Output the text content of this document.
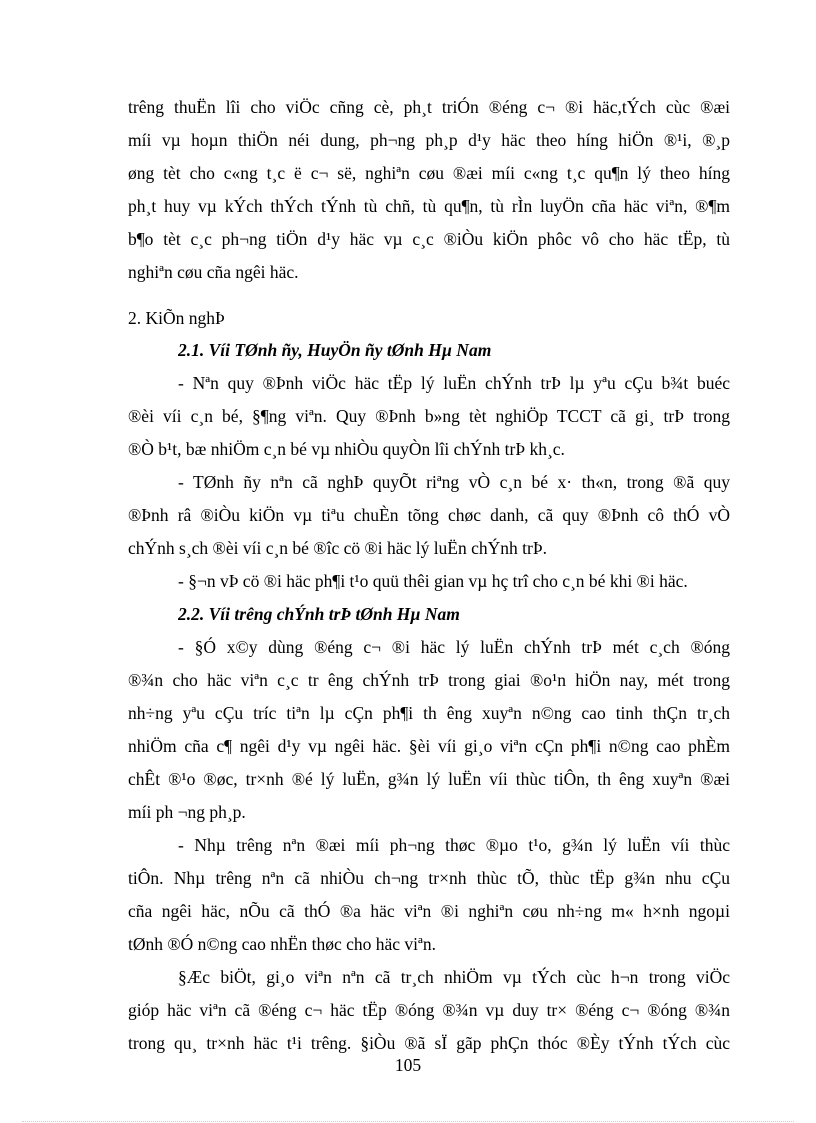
trêng thuËn lîi cho viÖc cñng cè, ph¸t triÓn ®éng c¬ ®i häc,tÝch cùc ®æi
míi vµ hoµn thiÖn néi dung, ph¬ng ph¸p d¹y häc theo híng hiÖn ®¹i, ®¸p
øng tèt cho c«ng t¸c ë c¬ së, nghiªn cøu ®æi míi c«ng t¸c qu¶n lý theo híng
ph¸t huy vµ kÝch thÝch tÝnh tù chñ, tù qu¶n, tù rÌn luyÖn cña häc viªn, ®¶m
b¶o tèt c¸c ph¬ng tiÖn d¹y häc vµ c¸c ®iÒu kiÖn phôc vô cho häc tËp, tù
nghiªn cøu cña ngêi häc.
2. KiÕn nghÞ
2.1. Víi TØnh ñy, HuyÖn ñy tØnh Hµ Nam
- Nªn quy ®Þnh viÖc häc tËp lý luËn chÝnh trÞ lµ yªu cÇu b¾t buéc
®èi víi c¸n bé, §¶ng viªn. Quy ®Þnh b»ng tèt nghiÖp TCCT cã gi¸ trÞ trong
®Ò b¹t, bæ nhiÖm c¸n bé vµ nhiÒu quyÒn lîi chÝnh trÞ kh¸c.
- TØnh ñy nªn cã nghÞ quyÕt riªng vÒ c¸n bé x· th«n, trong ®ã quy
®Þnh râ ®iÒu kiÖn vµ tiªu chuÈn tõng chøc danh, cã quy ®Þnh cô thÓ vÒ
chÝnh s¸ch ®èi víi c¸n bé ®îc cö ®i häc lý luËn chÝnh trÞ.
- §¬n vÞ cö ®i häc ph¶i t¹o quü thêi gian vµ hç trî cho c¸n bé khi ®i häc.
2.2. Víi trêng chÝnh trÞ tØnh Hµ Nam
- §Ó x©y dùng ®éng c¬ ®i häc lý luËn chÝnh trÞ mét c¸ch ®óng
®¾n cho häc viªn c¸c tr êng chÝnh trÞ trong giai ®o¹n hiÖn nay, mét trong
nh÷ng yªu cÇu tríc tiªn lµ cÇn ph¶i th êng xuyªn n©ng cao tinh thÇn tr¸ch
nhiÖm cña c¶ ngêi d¹y vµ ngêi häc. §èi víi gi¸o viªn cÇn ph¶i n©ng cao phÈm
chÊt ®¹o ®øc, tr×nh ®é lý luËn, g¾n lý luËn víi thùc tiÔn, th êng xuyªn ®æi
míi ph ¬ng ph¸p.
- Nhµ trêng nªn ®æi míi ph¬ng thøc ®µo t¹o, g¾n lý luËn víi thùc
tiÔn. Nhµ trêng nªn cã nhiÒu ch¬ng tr×nh thùc tÕ, thùc tËp g¾n nhu cÇu
cña ngêi häc, nÕu cã thÓ ®a häc viªn ®i nghiªn cøu nh÷ng m« h×nh ngoµi
tØnh ®Ó n©ng cao nhËn thøc cho häc viªn.
§Æc biÖt, gi¸o viªn nªn cã tr¸ch nhiÖm vµ tÝch cùc h¬n trong viÖc
gióp häc viªn cã ®éng c¬ häc tËp ®óng ®¾n vµ duy tr× ®éng c¬ ®óng ®¾n
trong qu¸ tr×nh häc t¹i trêng. §iÒu ®ã sÏ gãp phÇn thóc ®Èy tÝnh tÝch cùc
105
